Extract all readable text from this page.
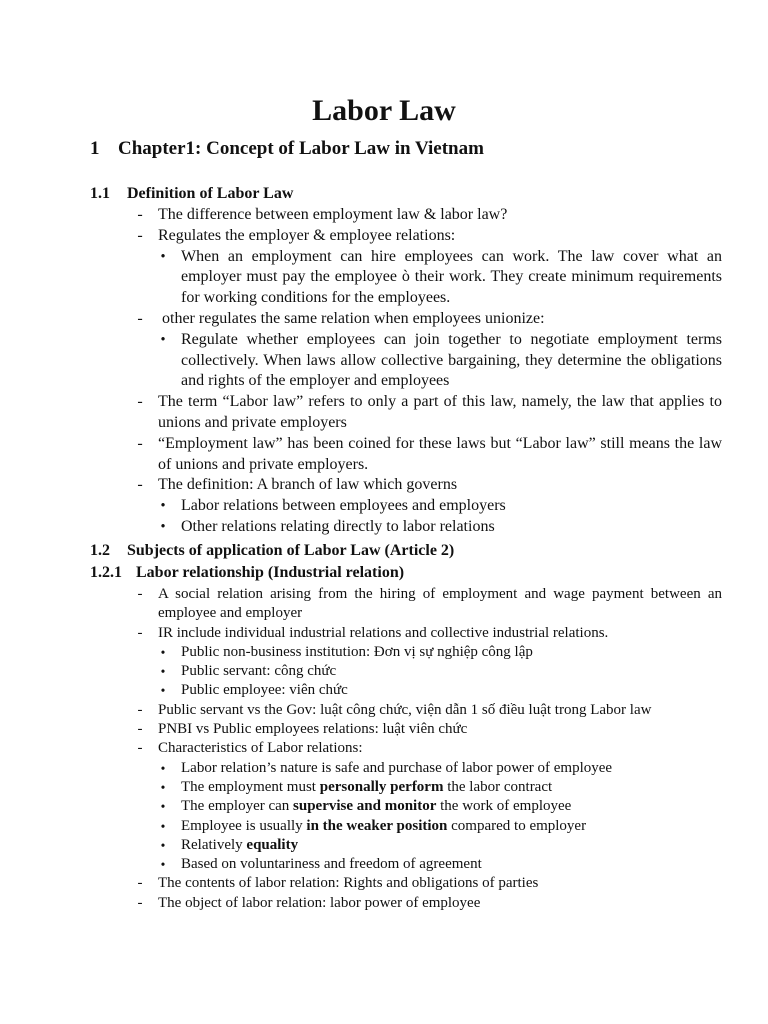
Labor Law
1 Chapter1: Concept of Labor Law in Vietnam
1.1 Definition of Labor Law
- The difference between employment law & labor law?
- Regulates the employer & employee relations:
• When an employment can hire employees can work. The law cover what an employer must pay the employee ò their work. They create minimum requirements for working conditions for the employees.
- other regulates the same relation when employees unionize:
• Regulate whether employees can join together to negotiate employment terms collectively. When laws allow collective bargaining, they determine the obligations and rights of the employer and employees
- The term “Labor law” refers to only a part of this law, namely, the law that applies to unions and private employers
- “Employment law” has been coined for these laws but “Labor law” still means the law of unions and private employers.
- The definition: A branch of law which governs
• Labor relations between employees and employers
• Other relations relating directly to labor relations
1.2 Subjects of application of Labor Law (Article 2)
1.2.1 Labor relationship (Industrial relation)
- A social relation arising from the hiring of employment and wage payment between an employee and employer
- IR include individual industrial relations and collective industrial relations.
• Public non-business institution: Đơn vị sự nghiệp công lập
• Public servant: công chức
• Public employee: viên chức
- Public servant vs the Gov: luật công chức, viện dẫn 1 số điều luật trong Labor law
- PNBI vs Public employees relations: luật viên chức
- Characteristics of Labor relations:
• Labor relation’s nature is safe and purchase of labor power of employee
• The employment must personally perform the labor contract
• The employer can supervise and monitor the work of employee
• Employee is usually in the weaker position compared to employer
• Relatively equality
• Based on voluntariness and freedom of agreement
- The contents of labor relation: Rights and obligations of parties
- The object of labor relation: labor power of employee
